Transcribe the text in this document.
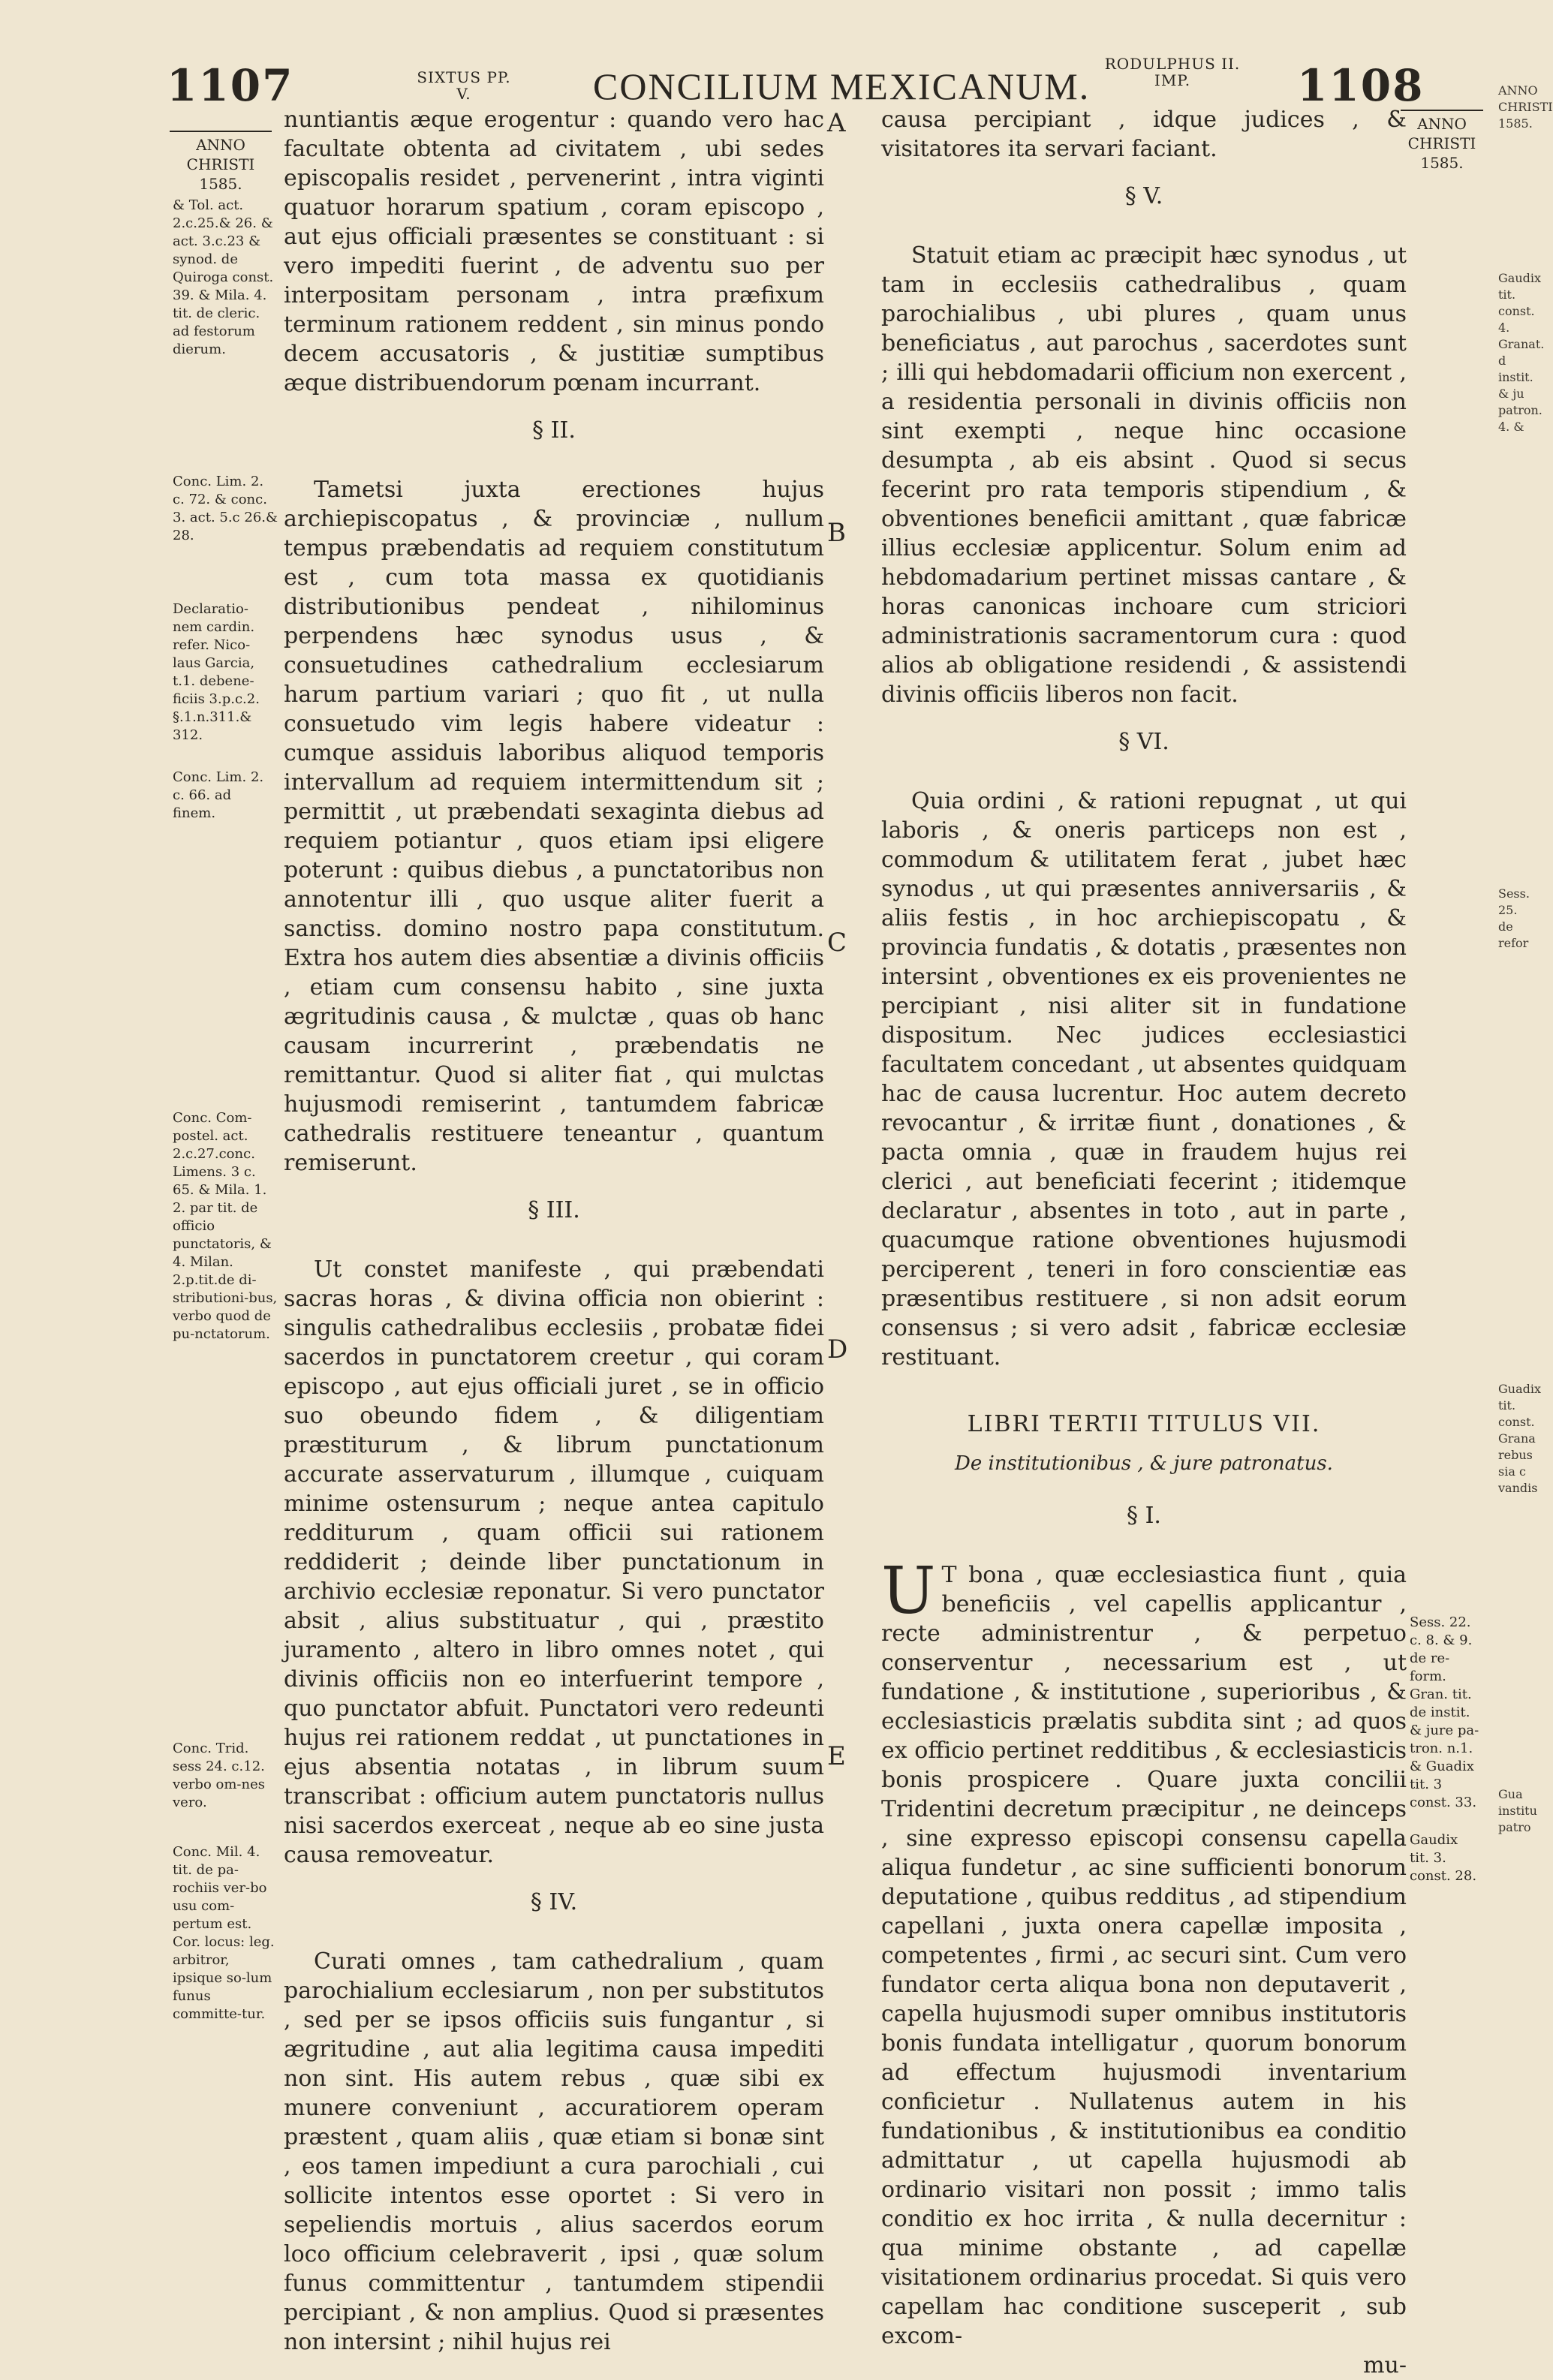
1107	SIXTUS PP. V.	CONCILIUM MEXICANUM.
RODULPHUS II. IMP.	1108
ANNO
CHRISTI
1585.
ANNO
CHRISTI
1585.
& Tol. act. 2.c.25.& 26. & act. 3.c.23 & synod. de Quiroga const. 39. & Mila. 4. tit. de cleric. ad festorum dierum.
Conc. Lim. 2. c. 72. & conc. 3. act. 5.c 26.& 28.
Declaratio-nem cardin. refer. Nico-laus Garcia, t.1. debene-ficiis 3.p.c.2. §.1.n.311.& 312.
Conc. Lim. 2. c. 66. ad finem.
Conc. Com-postel. act. 2.c.27.conc. Limens. 3 c. 65. & Mila. 1. 2. par tit. de officio punctatoris, & 4. Milan. 2.p.tit.de di-stributioni-bus, verbo quod de pu-nctatorum.
Conc. Trid. sess 24. c.12. verbo om-nes vero.
Conc. Mil. 4. tit. de pa-rochiis ver-bo usu com-pertum est. Cor. locus: leg. arbitror, ipsique so-lum funus committe-tur.
A
B
C
D
E

nuntiantis æque erogentur : quando vero hac facultate obtenta ad civitatem , ubi sedes episcopalis residet , pervenerint , intra viginti quatuor horarum spatium , coram episcopo , aut ejus officiali præsentes se constituant : si vero impediti fuerint , de adventu suo per interpositam personam , intra præfixum terminum rationem reddent , sin minus pondo decem accusatoris , & justitiæ sumptibus æque distribuendorum pœnam incurrant.

§ II.

Tametsi juxta erectiones hujus archiepiscopatus , & provinciæ , nullum tempus præbendatis ad requiem constitutum est , cum tota massa ex quotidianis distributionibus pendeat , nihilominus perpendens hæc synodus usus , & consuetudines cathedralium ecclesiarum harum partium variari ; quo fit , ut nulla consuetudo vim legis habere videatur : cumque assiduis laboribus aliquod temporis intervallum ad requiem intermittendum sit ; permittit , ut præbendati sexaginta diebus ad requiem potiantur , quos etiam ipsi eligere poterunt : quibus diebus , a punctatoribus non annotentur illi , quo usque aliter fuerit a sanctiss. domino nostro papa constitutum. Extra hos autem dies absentiæ a divinis officiis , etiam cum consensu habito , sine juxta ægritudinis causa , & mulctæ , quas ob hanc causam incurrerint , præbendatis ne remittantur. Quod si aliter fiat , qui mulctas hujusmodi remiserint , tantumdem fabricæ cathedralis restituere teneantur , quantum remiserunt.

§ III.

Ut constet manifeste , qui præbendati sacras horas , & divina officia non obierint : singulis cathedralibus ecclesiis , probatæ fidei sacerdos in punctatorem creetur , qui coram episcopo , aut ejus officiali juret , se in officio suo obeundo fidem , & diligentiam præstiturum , & librum punctationum accurate asservaturum , illumque , cuiquam minime ostensurum ; neque antea capitulo redditurum , quam officii sui rationem reddiderit ; deinde liber punctationum in archivio ecclesiæ reponatur. Si vero punctator absit , alius substituatur , qui , præstito juramento , altero in libro omnes notet , qui divinis officiis non eo interfuerint tempore , quo punctator abfuit. Punctatori vero redeunti hujus rei rationem reddat , ut punctationes in ejus absentia notatas , in librum suum transcribat : officium autem punctatoris nullus nisi sacerdos exerceat , neque ab eo sine justa causa removeatur.

§ IV.

Curati omnes , tam cathedralium , quam parochialium ecclesiarum , non per substitutos , sed per se ipsos officiis suis fungantur , si ægritudine , aut alia legitima causa impediti non sint. His autem rebus , quæ sibi ex munere conveniunt , accuratiorem operam præstent , quam aliis , quæ etiam si bonæ sint , eos tamen impediunt a cura parochiali , cui sollicite intentos esse oportet : Si vero in sepeliendis mortuis , alius sacerdos eorum loco officium celebraverit , ipsi , quæ solum funus committentur , tantumdem stipendii percipiant , & non amplius. Quod si præsentes non intersint ; nihil hujus rei

causa percipiant , idque judices , & visitatores ita servari faciant.

§ V.

Statuit etiam ac præcipit hæc synodus , ut tam in ecclesiis cathedralibus , quam parochialibus , ubi plures , quam unus beneficiatus , aut parochus , sacerdotes sunt ; illi qui hebdomadarii officium non exercent , a residentia personali in divinis officiis non sint exempti , neque hinc occasione desumpta , ab eis absint . Quod si secus fecerint pro rata temporis stipendium , & obventiones beneficii amittant , quæ fabricæ illius ecclesiæ applicentur. Solum enim ad hebdomadarium pertinet missas cantare , & horas canonicas inchoare cum striciori administrationis sacramentorum cura : quod alios ab obligatione residendi , & assistendi divinis officiis liberos non facit.

§ VI.

Quia ordini , & rationi repugnat , ut qui laboris , & oneris particeps non est , commodum & utilitatem ferat , jubet hæc synodus , ut qui præsentes anniversariis , & aliis festis , in hoc archiepiscopatu , & provincia fundatis , & dotatis , præsentes non intersint , obventiones ex eis provenientes ne percipiant , nisi aliter sit in fundatione dispositum. Nec judices ecclesiastici facultatem concedant , ut absentes quidquam hac de causa lucrentur. Hoc autem decreto revocantur , & irritæ fiunt , donationes , & pacta omnia , quæ in fraudem hujus rei clerici , aut beneficiati fecerint ; itidemque declaratur , absentes in toto , aut in parte , quacumque ratione obventiones hujusmodi perciperent , teneri in foro conscientiæ eas præsentibus restituere , si non adsit eorum consensus ; si vero adsit , fabricæ ecclesiæ restituant.

LIBRI TERTII TITULUS VII.
De institutionibus , & jure patronatus.
§ I.

U T bona , quæ ecclesiastica fiunt , quia beneficiis , vel capellis applicantur , recte administrentur , & perpetuo conserventur , necessarium est , ut fundatione , & institutione , superioribus , & ecclesiasticis prælatis subdita sint ; ad quos ex officio pertinet redditibus , & ecclesiasticis bonis prospicere . Quare juxta concilii Tridentini decretum præcipitur , ne deinceps , sine expresso episcopi consensu capella aliqua fundetur , ac sine sufficienti bonorum deputatione , quibus redditus , ad stipendium capellani , juxta onera capellæ imposita , competentes , firmi , ac securi sint. Cum vero fundator certa aliqua bona non deputaverit , capella hujusmodi super omnibus institutoris bonis fundata intelligatur , quorum bonorum ad effectum hujusmodi inventarium conficietur . Nullatenus autem in his fundationibus , & institutionibus ea conditio admittatur , ut capella hujusmodi ab ordinario visitari non possit ; immo talis conditio ex hoc irrita , & nulla decernitur : qua minime obstante , ad capellæ visitationem ordinarius procedat. Si quis vero capellam hac conditione susceperit , sub excom-

mu-

Sess. 22. c. 8. & 9. de re-form. Gran. tit. de instit. & jure pa-tron. n.1. & Guadix tit. 3 const. 33.
Gaudix tit. 3. const. 28.
ANNO CHRISTI 1585.
Gaudix tit. const. 4. Granat. d instit. & ju patron. 4. &
Sess. 25. de refor
Guadix tit. const. Grana rebus sia c vandis
Gua institu patro
